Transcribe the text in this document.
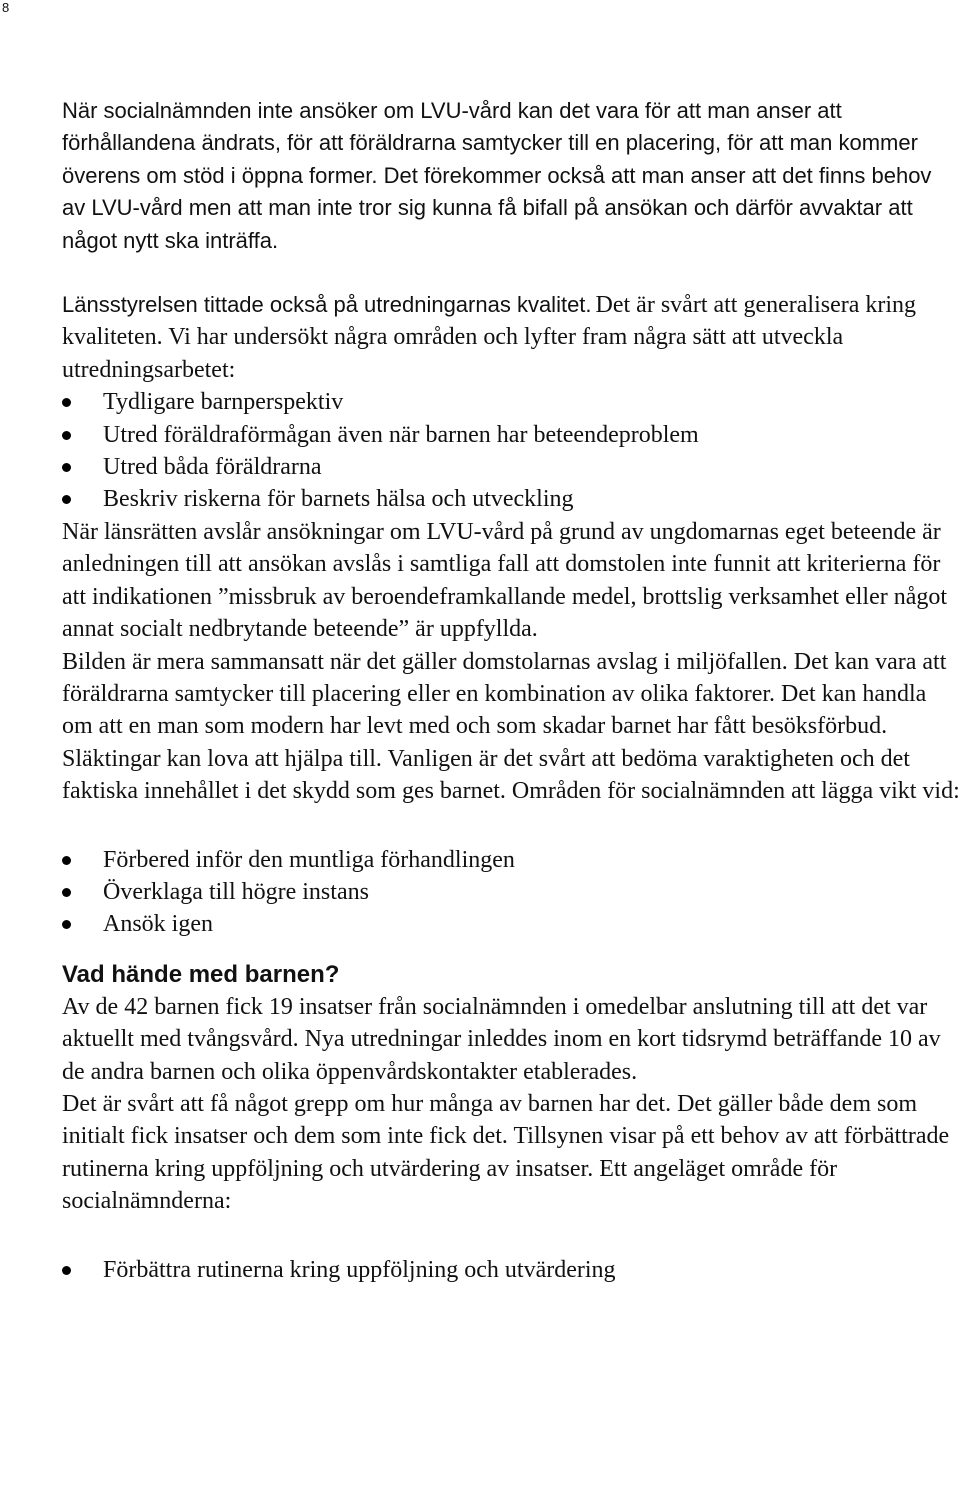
8

När socialnämnden inte ansöker om LVU-vård kan det vara för att man anser att förhållandena ändrats, för att föräldrarna samtycker till en placering, för att man kommer överens om stöd i öppna former. Det förekommer också att man anser att det finns behov av LVU-vård men att man inte tror sig kunna få bifall på ansökan och därför avvaktar att något nytt ska inträffa.

Länsstyrelsen tittade också på utredningarnas kvalitet. Det är svårt att generalisera kring kvaliteten. Vi har undersökt några områden och lyfter fram några sätt att utveckla utredningsarbetet:

Tydligare barnperspektiv
Utred föräldraförmågan även när barnen har beteendeproblem
Utred båda föräldrarna
Beskriv riskerna för barnets hälsa och utveckling

När länsrätten avslår ansökningar om LVU-vård på grund av ungdomarnas eget beteende är anledningen till att ansökan avslås i samtliga fall att domstolen inte funnit att kriterierna för att indikationen ”missbruk av beroendeframkallande medel, brottslig verksamhet eller något annat socialt nedbrytande beteende” är uppfyllda.

Bilden är mera sammansatt när det gäller domstolarnas avslag i miljöfallen. Det kan vara att föräldrarna samtycker till placering eller en kombination av olika faktorer. Det kan handla om att en man som modern har levt med och som skadar barnet har fått besöksförbud. Släktingar kan lova att hjälpa till. Vanligen är det svårt att bedöma varaktigheten och det faktiska innehållet i det skydd som ges barnet. Områden för socialnämnden att lägga vikt vid:

Förbered inför den muntliga förhandlingen
Överklaga till högre instans
Ansök igen
Vad hände med barnen?

Av de 42 barnen fick 19 insatser från socialnämnden i omedelbar anslutning till att det var aktuellt med tvångsvård. Nya utredningar inleddes inom en kort tidsrymd beträffande 10 av de andra barnen och olika öppenvårdskontakter etablerades.

Det är svårt att få något grepp om hur många av barnen har det. Det gäller både dem som initialt fick insatser och dem som inte fick det. Tillsynen visar på ett behov av att förbättrade rutinerna kring uppföljning och utvärdering av insatser. Ett angeläget område för socialnämnderna:

Förbättra rutinerna kring uppföljning och utvärdering
